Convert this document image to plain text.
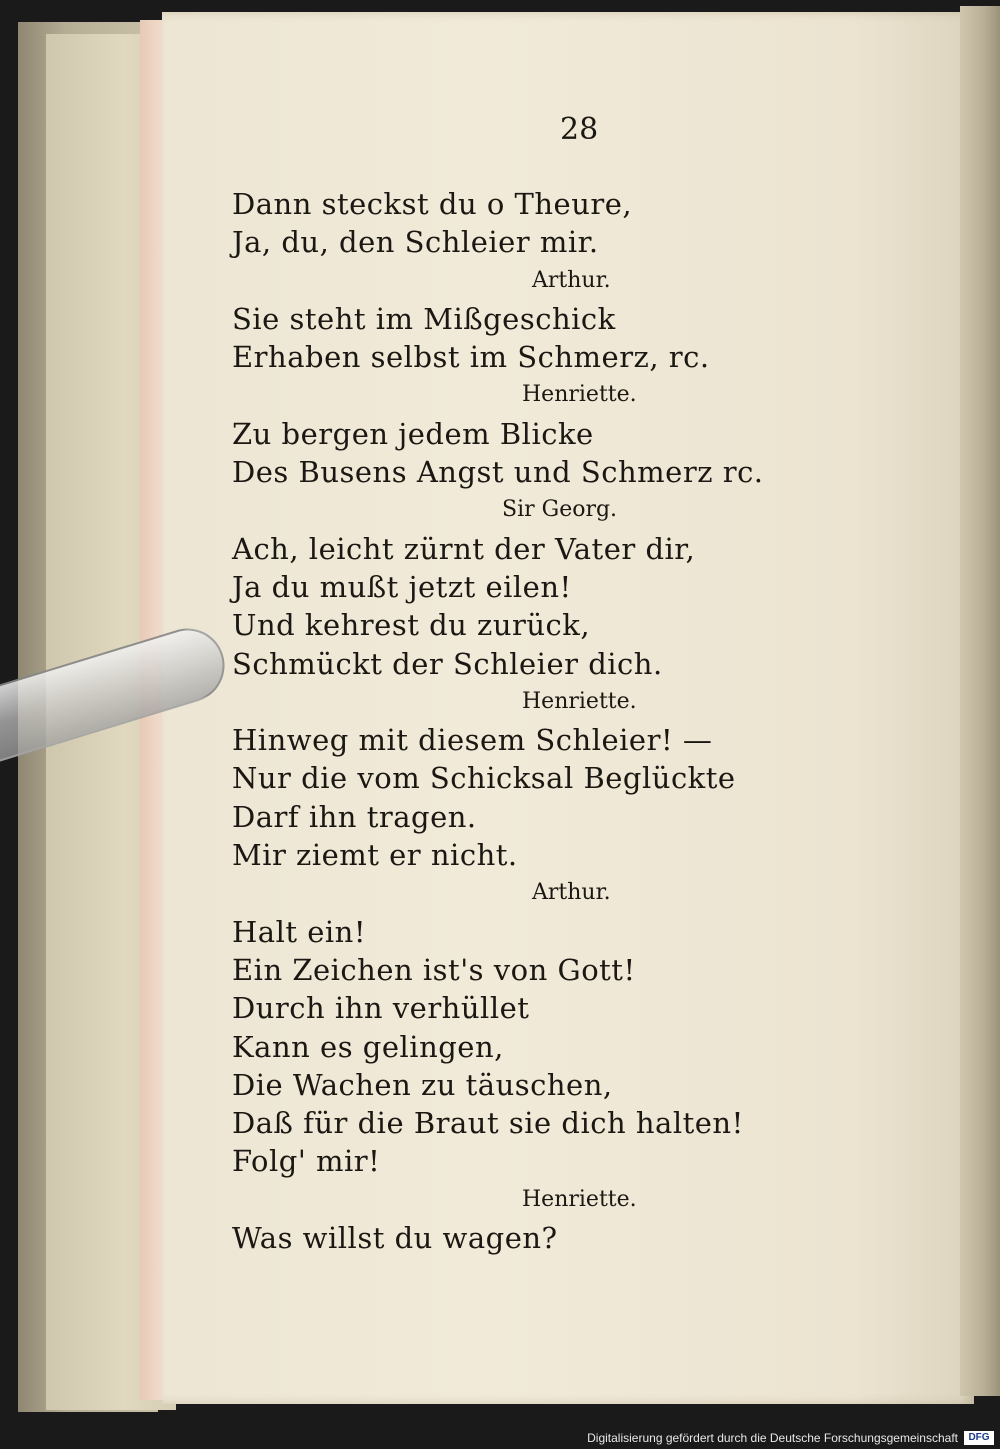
28
Dann steckst du o Theure,
Ja, du, den Schleier mir.
Arthur.
Sie steht im Mißgeschick
Erhaben selbst im Schmerz, rc.
Henriette.
Zu bergen jedem Blicke
Des Busens Angst und Schmerz rc.
Sir Georg.
Ach, leicht zürnt der Vater dir,
Ja du mußt jetzt eilen!
Und kehrest du zurück,
Schmückt der Schleier dich.
Henriette.
Hinweg mit diesem Schleier! —
Nur die vom Schicksal Beglückte
Darf ihn tragen.
Mir ziemt er nicht.
Arthur.
Halt ein!
Ein Zeichen ist's von Gott!
Durch ihn verhüllet
Kann es gelingen,
Die Wachen zu täuschen,
Daß für die Braut sie dich halten!
Folg' mir!
Henriette.
Was willst du wagen?
Digitalisierung gefördert durch die Deutsche Forschungsgemeinschaft	DFG
